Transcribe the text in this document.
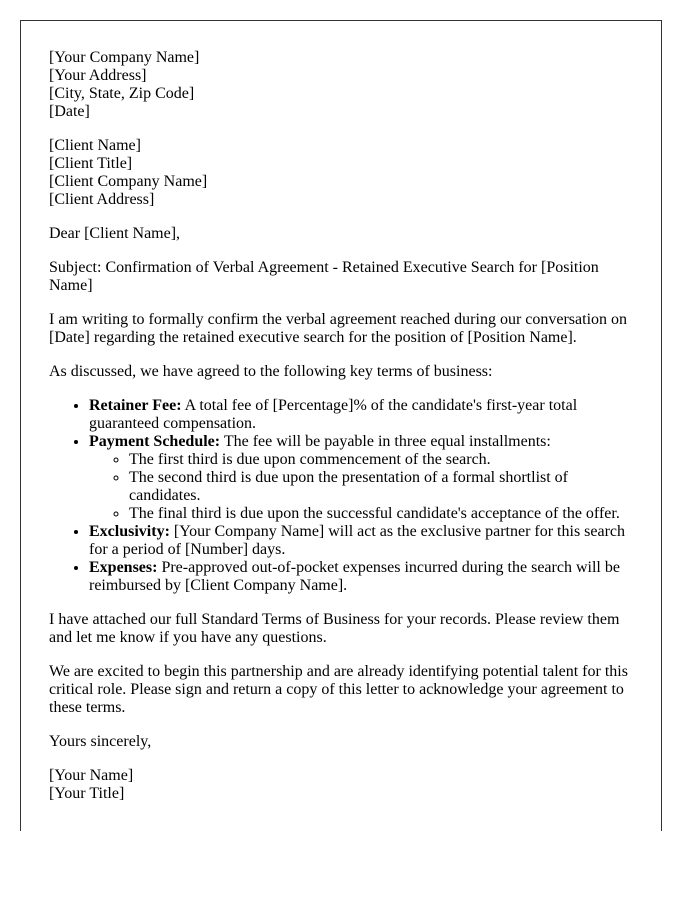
[Your Company Name]
[Your Address]
[City, State, Zip Code]
[Date]

[Client Name]
[Client Title]
[Client Company Name]
[Client Address]

Dear [Client Name],

Subject: Confirmation of Verbal Agreement - Retained Executive Search for [Position Name]

I am writing to formally confirm the verbal agreement reached during our conversation on [Date] regarding the retained executive search for the position of [Position Name].

As discussed, we have agreed to the following key terms of business:

• Retainer Fee: A total fee of [Percentage]% of the candidate's first-year total guaranteed compensation.
• Payment Schedule: The fee will be payable in three equal installments:
◦ The first third is due upon commencement of the search.
◦ The second third is due upon the presentation of a formal shortlist of candidates.
◦ The final third is due upon the successful candidate's acceptance of the offer.
• Exclusivity: [Your Company Name] will act as the exclusive partner for this search for a period of [Number] days.
• Expenses: Pre-approved out-of-pocket expenses incurred during the search will be reimbursed by [Client Company Name].

I have attached our full Standard Terms of Business for your records. Please review them and let me know if you have any questions.

We are excited to begin this partnership and are already identifying potential talent for this critical role. Please sign and return a copy of this letter to acknowledge your agreement to these terms.

Yours sincerely,

[Your Name]
[Your Title]
